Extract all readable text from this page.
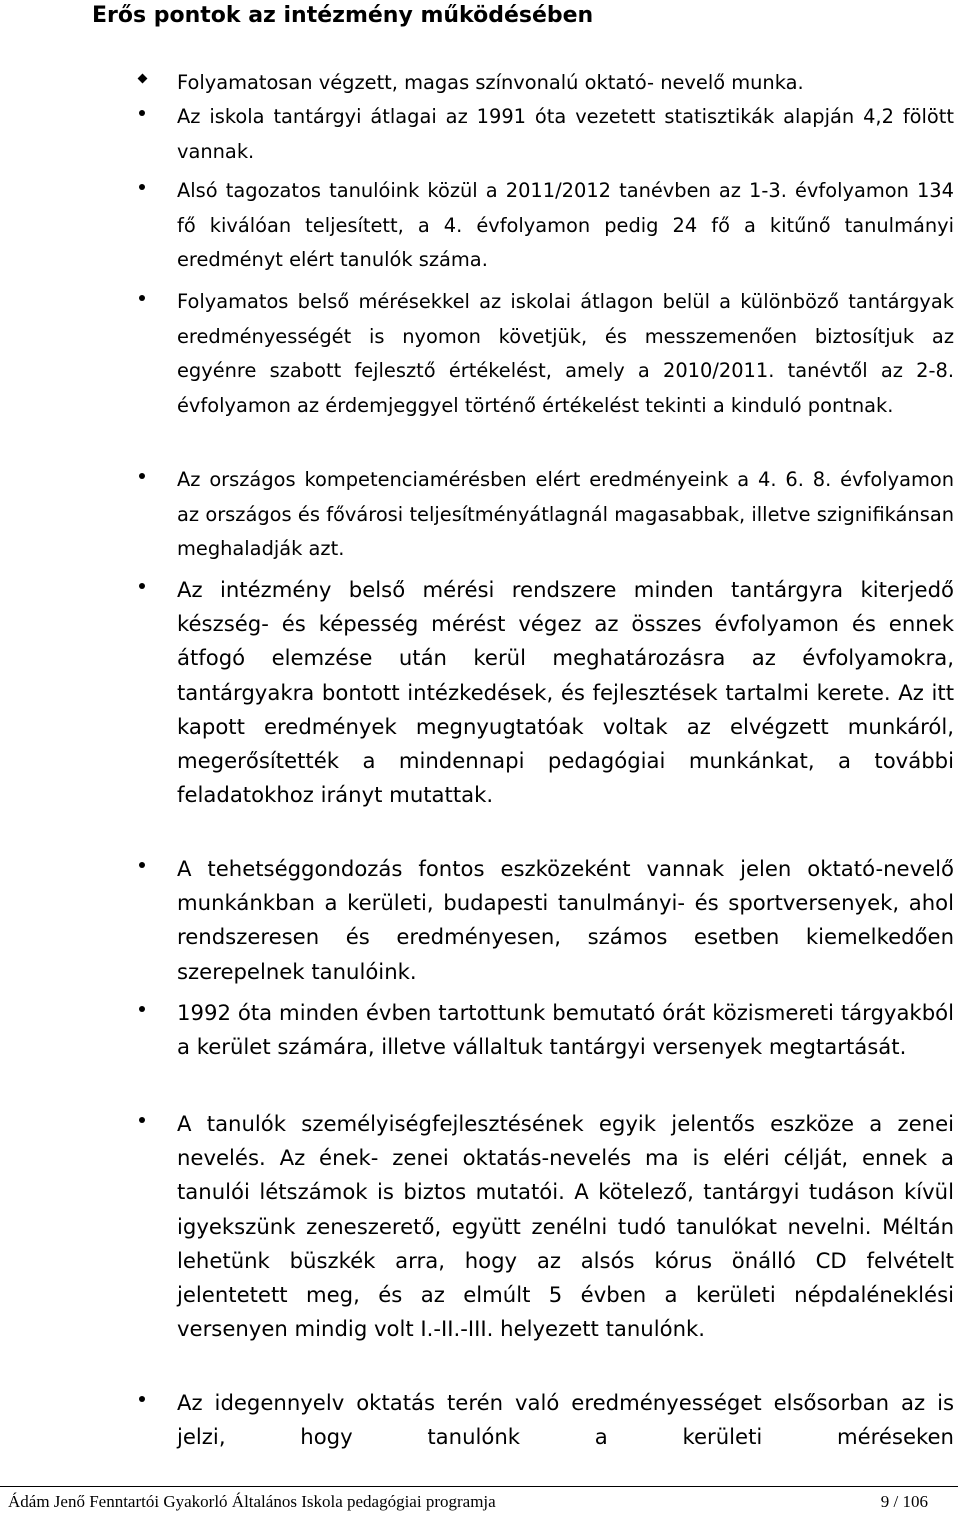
Erős pontok az intézmény működésében

Folyamatosan végzett, magas színvonalú oktató- nevelő munka.

Az iskola tantárgyi átlagai az 1991 óta vezetett statisztikák alapján 4,2 fölött vannak.

Alsó tagozatos tanulóink közül a 2011/2012 tanévben az 1-3. évfolyamon 134 fő kiválóan teljesített, a 4. évfolyamon pedig 24 fő a kitűnő tanulmányi eredményt elért tanulók száma.

Folyamatos belső mérésekkel az iskolai átlagon belül a különböző tantárgyak eredményességét is nyomon követjük, és messzemenően biztosítjuk az egyénre szabott fejlesztő értékelést, amely a 2010/2011. tanévtől az 2-8. évfolyamon az érdemjeggyel történő értékelést tekinti a kinduló pontnak.

Az országos kompetenciamérésben elért eredményeink a 4. 6. 8. évfolyamon az országos és fővárosi teljesítményátlagnál magasabbak, illetve szignifikánsan meghaladják azt.

Az intézmény belső mérési rendszere minden tantárgyra kiterjedő készség- és képesség mérést végez az összes évfolyamon és ennek átfogó elemzése után kerül meghatározásra az évfolyamokra, tantárgyakra bontott intézkedések, és fejlesztések tartalmi kerete. Az itt kapott eredmények megnyugtatóak voltak az elvégzett munkáról, megerősítették a mindennapi pedagógiai munkánkat, a további feladatokhoz irányt mutattak.

A tehetséggondozás fontos eszközeként vannak jelen oktató-nevelő munkánkban a kerületi, budapesti tanulmányi- és sportversenyek, ahol rendszeresen és eredményesen, számos esetben kiemelkedően szerepelnek tanulóink.

1992 óta minden évben tartottunk bemutató órát közismereti tárgyakból a kerület számára, illetve vállaltuk tantárgyi versenyek megtartását.

A tanulók személyiségfejlesztésének egyik jelentős eszköze a zenei nevelés. Az ének- zenei oktatás-nevelés ma is eléri célját, ennek a tanulói létszámok is biztos mutatói. A kötelező, tantárgyi tudáson kívül igyekszünk zeneszerető, együtt zenélni tudó tanulókat nevelni. Méltán lehetünk büszkék arra, hogy az alsós kórus önálló CD felvételt jelentetett meg, és az elmúlt 5 évben a kerületi népdaléneklési versenyen mindig volt I.-II.-III. helyezett tanulónk.

Az idegennyelv oktatás terén való eredményességet elsősorban az is jelzi, hogy tanulónk a kerületi méréseken

Ádám Jenő Fenntartói Gyakorló Általános Iskola pedagógiai programja	9 / 106
